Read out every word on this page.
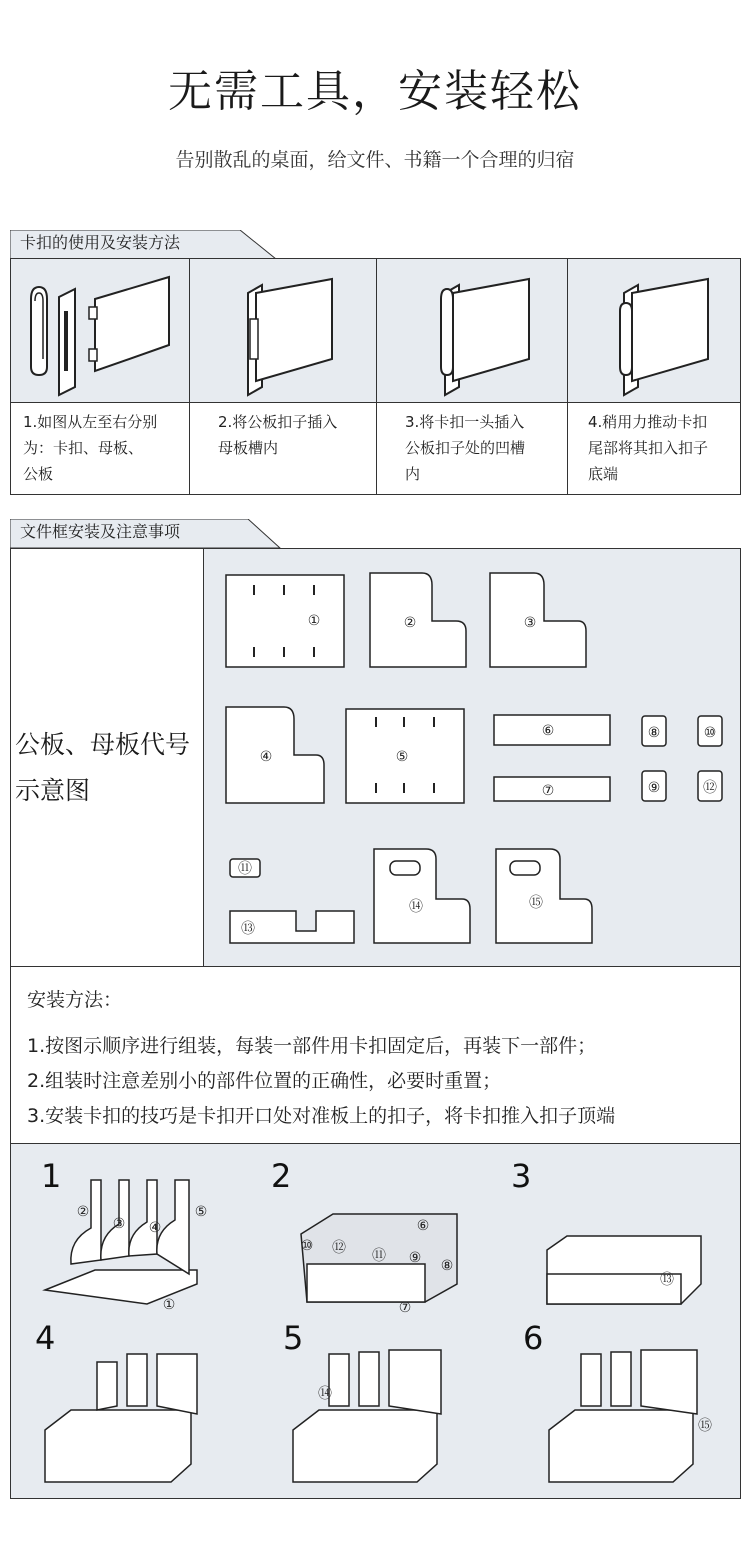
无需工具，安装轻松
告别散乱的桌面，给文件、书籍一个合理的归宿
卡扣的使用及安装方法
1.如图从左至右分别
为：卡扣、母板、
公板
2.将公板扣子插入
母板槽内
3.将卡扣一头插入
公板扣子处的凹槽
内
4.稍用力推动卡扣
尾部将其扣入扣子
底端
文件框安装及注意事项
公板、母板代号
示意图
①	②	③
④	⑤
⑥
⑦
⑧
⑨
⑩
⑪
⑫
⑬
⑭	⑮
安装方法：
1.按图示顺序进行组装，每装一部件用卡扣固定后，再装下一部件；
2.组装时注意差别小的部件位置的正确性，必要时重置；
3.安装卡扣的技巧是卡扣开口处对准板上的扣子，将卡扣推入扣子顶端
1	2	3
4	5	6
①
②
③ ④
⑤
⑥
⑦
⑧
⑨
⑩
⑪
⑫
⑬
⑭
⑮
